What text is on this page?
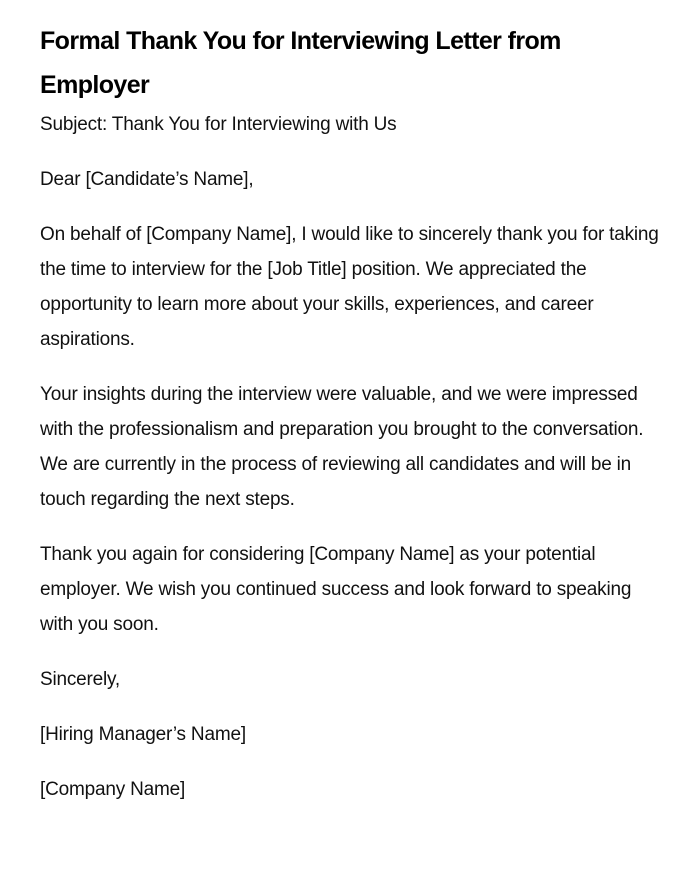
Formal Thank You for Interviewing Letter from Employer

Subject: Thank You for Interviewing with Us

Dear [Candidate’s Name],

On behalf of [Company Name], I would like to sincerely thank you for taking the time to interview for the [Job Title] position. We appreciated the opportunity to learn more about your skills, experiences, and career aspirations.

Your insights during the interview were valuable, and we were impressed with the professionalism and preparation you brought to the conversation. We are currently in the process of reviewing all candidates and will be in touch regarding the next steps.

Thank you again for considering [Company Name] as your potential employer. We wish you continued success and look forward to speaking with you soon.

Sincerely,

[Hiring Manager’s Name]

[Company Name]
